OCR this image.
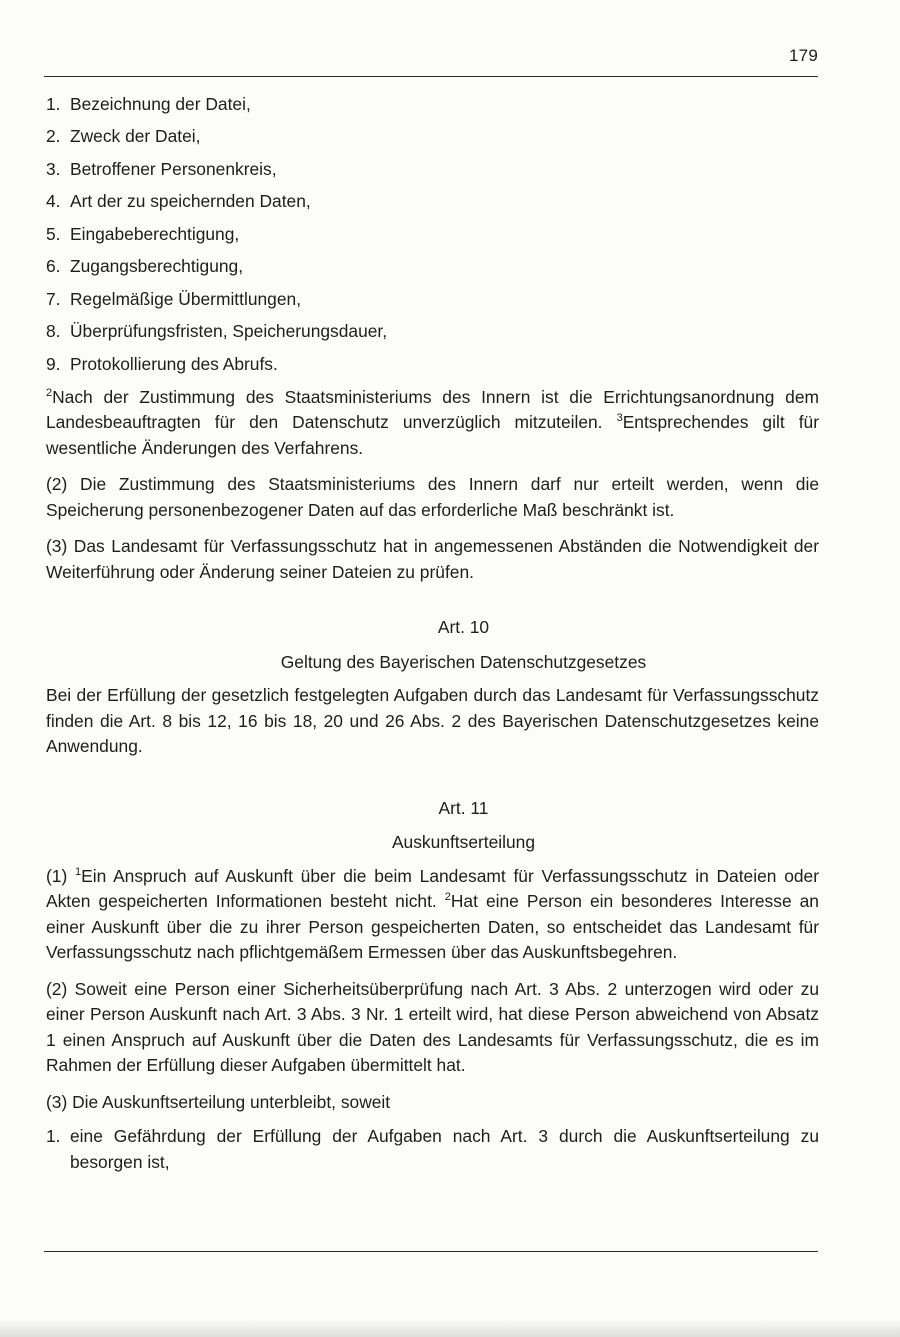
179
1. Bezeichnung der Datei,
2. Zweck der Datei,
3. Betroffener Personenkreis,
4. Art der zu speichernden Daten,
5. Eingabeberechtigung,
6. Zugangsberechtigung,
7. Regelmäßige Übermittlungen,
8. Überprüfungsfristen, Speicherungsdauer,
9. Protokollierung des Abrufs.

$^2$Nach der Zustimmung des Staatsministeriums des Innern ist die Errichtungsanordnung dem Landesbeauftragten für den Datenschutz unverzüglich mitzuteilen. $^3$Entsprechendes gilt für wesentliche Änderungen des Verfahrens.

(2) Die Zustimmung des Staatsministeriums des Innern darf nur erteilt werden, wenn die Speicherung personenbezogener Daten auf das erforderliche Maß beschränkt ist.

(3) Das Landesamt für Verfassungsschutz hat in angemessenen Abständen die Notwendigkeit der Weiterführung oder Änderung seiner Dateien zu prüfen.

Art. 10
Geltung des Bayerischen Datenschutzgesetzes

Bei der Erfüllung der gesetzlich festgelegten Aufgaben durch das Landesamt für Verfassungsschutz finden die Art. 8 bis 12, 16 bis 18, 20 und 26 Abs. 2 des Bayerischen Datenschutzgesetzes keine Anwendung.

Art. 11
Auskunftserteilung

(1) $^1$Ein Anspruch auf Auskunft über die beim Landesamt für Verfassungsschutz in Dateien oder Akten gespeicherten Informationen besteht nicht. $^2$Hat eine Person ein besonderes Interesse an einer Auskunft über die zu ihrer Person gespeicherten Daten, so entscheidet das Landesamt für Verfassungsschutz nach pflichtgemäßem Ermessen über das Auskunftsbegehren.

(2) Soweit eine Person einer Sicherheitsüberprüfung nach Art. 3 Abs. 2 unterzogen wird oder zu einer Person Auskunft nach Art. 3 Abs. 3 Nr. 1 erteilt wird, hat diese Person abweichend von Absatz 1 einen Anspruch auf Auskunft über die Daten des Landesamts für Verfassungsschutz, die es im Rahmen der Erfüllung dieser Aufgaben übermittelt hat.

(3) Die Auskunftserteilung unterbleibt, soweit

1. eine Gefährdung der Erfüllung der Aufgaben nach Art. 3 durch die Auskunftserteilung zu besorgen ist,
